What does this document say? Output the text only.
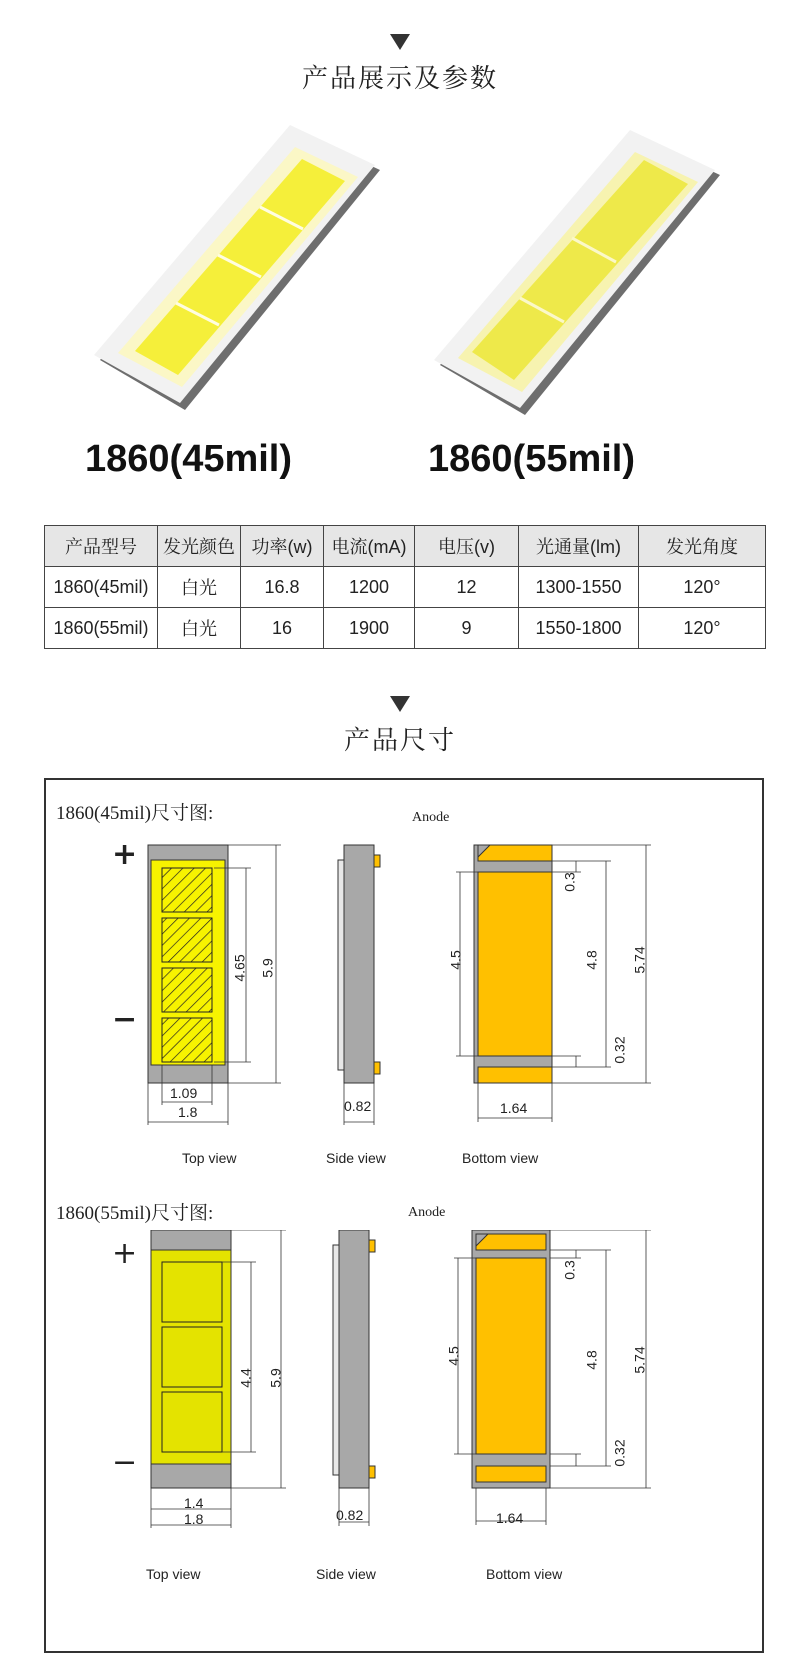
产品展示及参数
1860(45mil)	1860(55mil)
产品型号	发光颜色	功率(w)	电流(mA)	电压(v)	光通量(lm)	发光角度
1860(45mil)	白光	16.8	1200	12	1300-1550	120°
1860(55mil)	白光	16	1900	9	1550-1800	120°
产品尺寸
1860(45mil)尺寸图:
+
−
4.65 5.9
1.09
1.8
Top view
0.82
Side view
Anode
4.5
0.3
4.8
0.32
5.74
1.64
Bottom view
1860(55mil)尺寸图:
+
−
4.4 5.9
1.4
1.8
Top view
0.82
Side view
Anode
4.5
0.3
4.8
0.32
5.74
1.64
Bottom view
